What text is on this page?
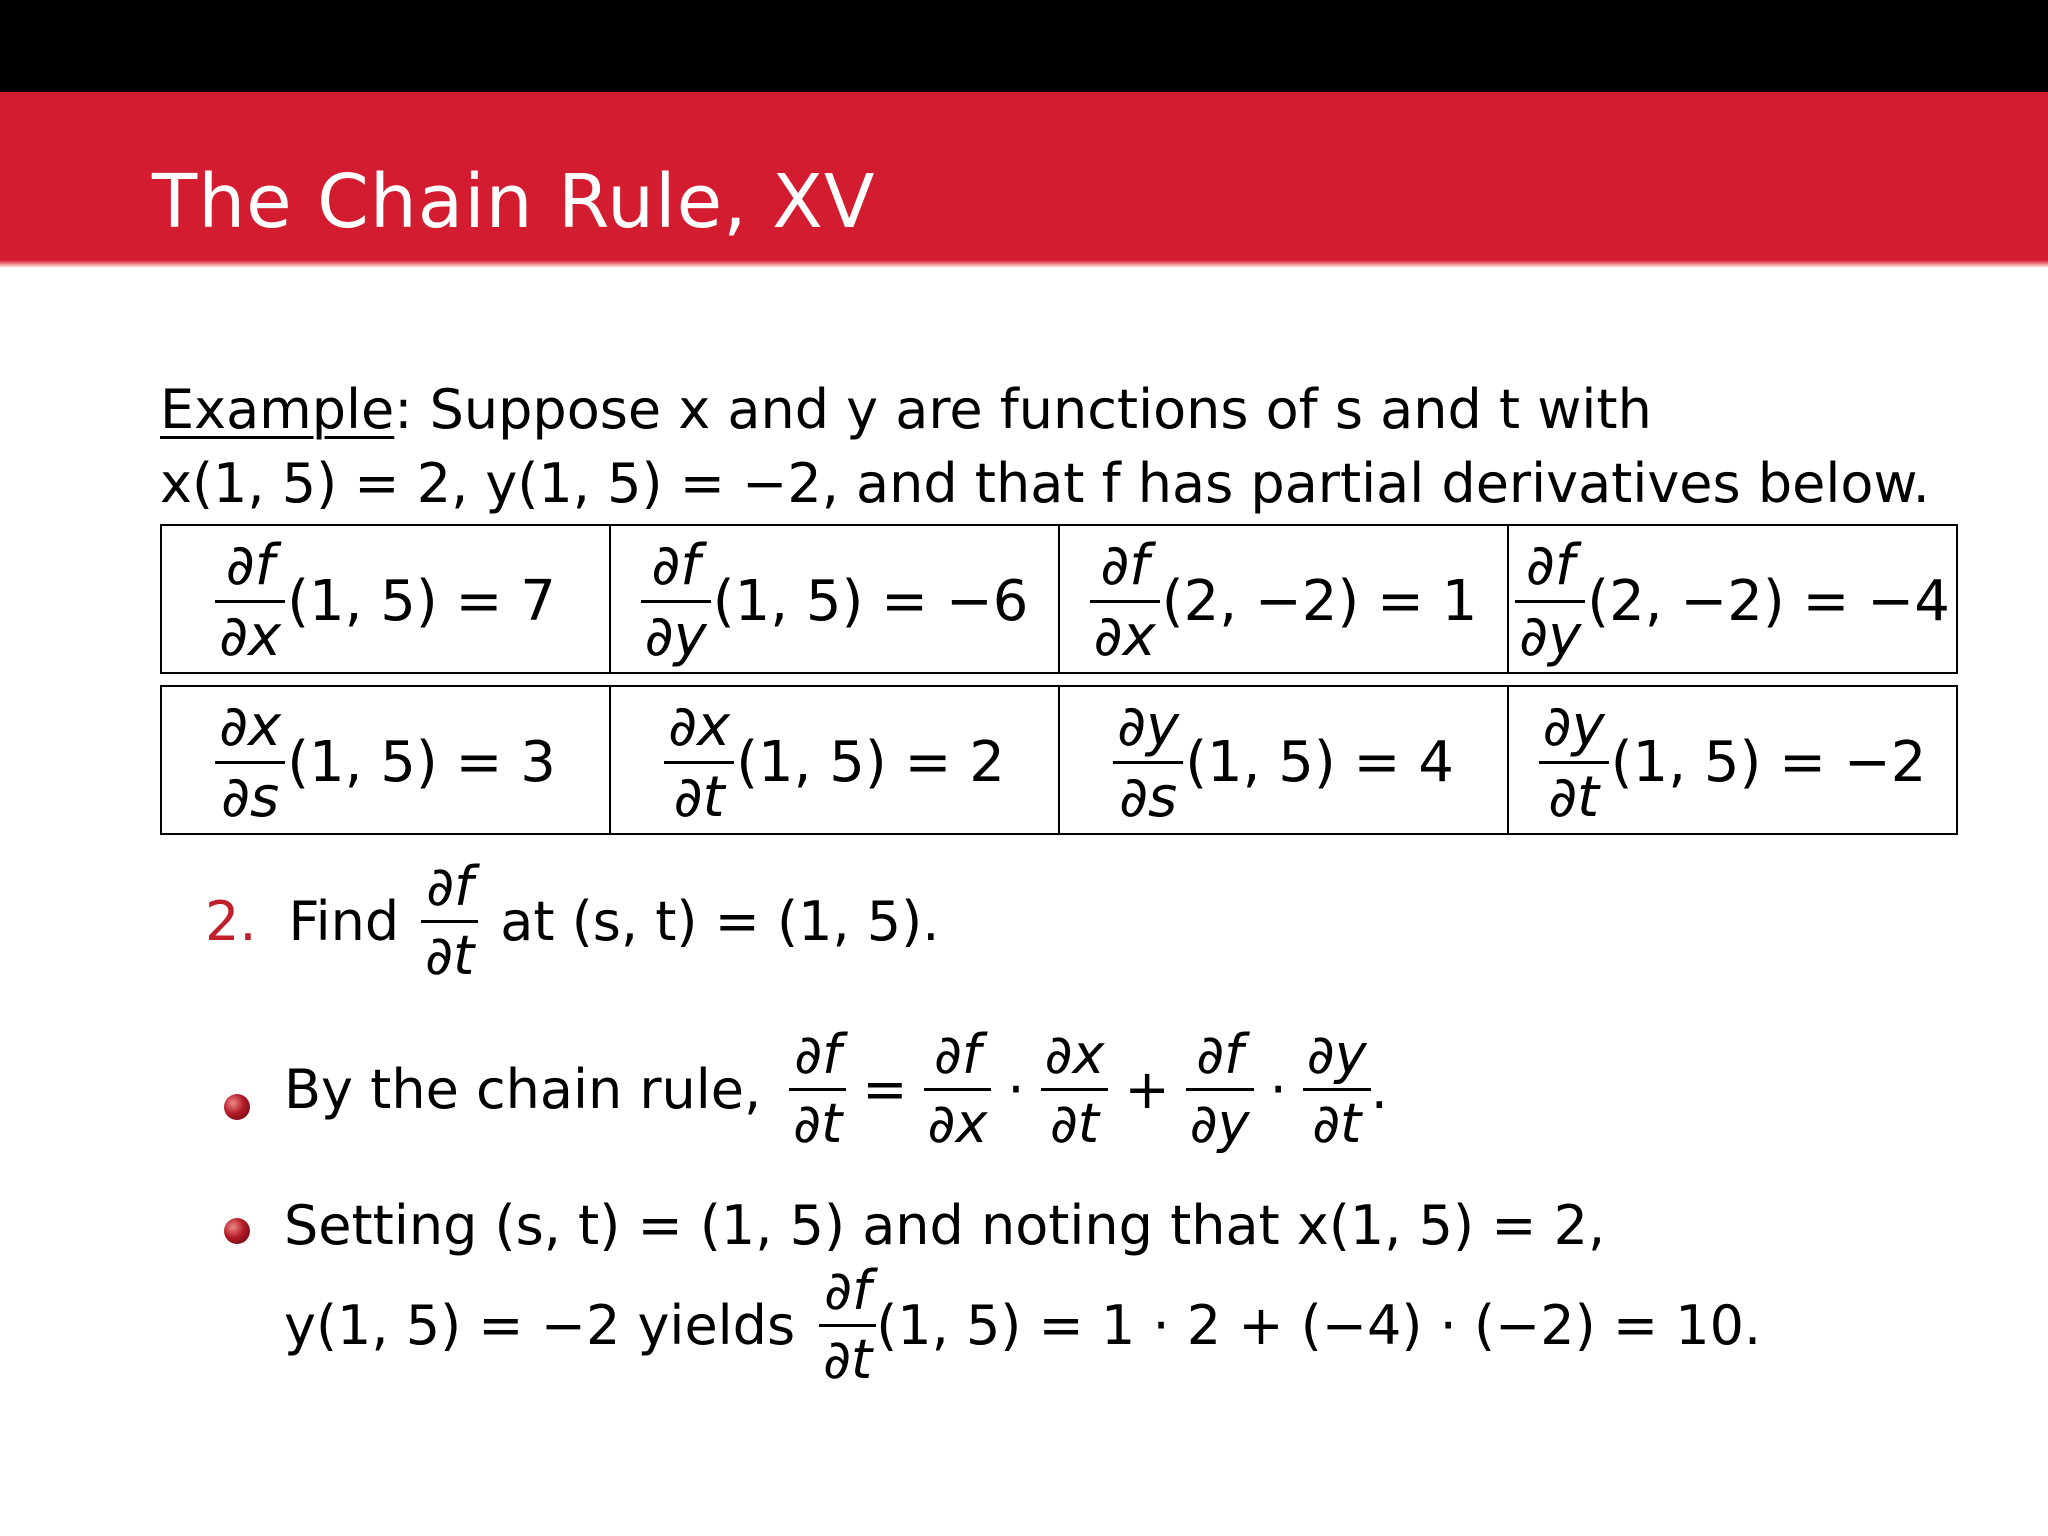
The Chain Rule, XV
Example: Suppose x and y are functions of s and t with
x(1, 5) = 2, y(1, 5) = −2, and that f has partial derivatives below.
$\frac{\partial f}{\partial x} (1$, 5) = 7	$\frac{\partial f}{\partial y} (1$, 5) = −6	$\frac{\partial f}{\partial x} (2$, −2) = 1	$\frac{\partial f}{\partial y} (2$, −2) = −4
$\frac{\partial x}{\partial s} (1$, 5) = 3	$\frac{\partial x}{\partial t} (1$, 5) = 2	$\frac{\partial y}{\partial s} (1$, 5) = 4	$\frac{\partial y}{\partial t} (1$, 5) = −2
2. Find $\frac{\partial f}{\partial t}$ at (s, t) = (1, 5).
By the chain rule, $\frac{\partial f}{\partial t} = \frac{\partial f}{\partial x} \cdot \frac{\partial x}{\partial t} + \frac{\partial f}{\partial y} \cdot \frac{\partial y}{\partial t}$ .
Setting (s, t) = (1, 5) and noting that x(1, 5) = 2,
y(1, 5) = −2 yields $\frac{\partial f}{\partial t} (1$, 5) = 1 · 2 + (−4) · (−2) = 10.
